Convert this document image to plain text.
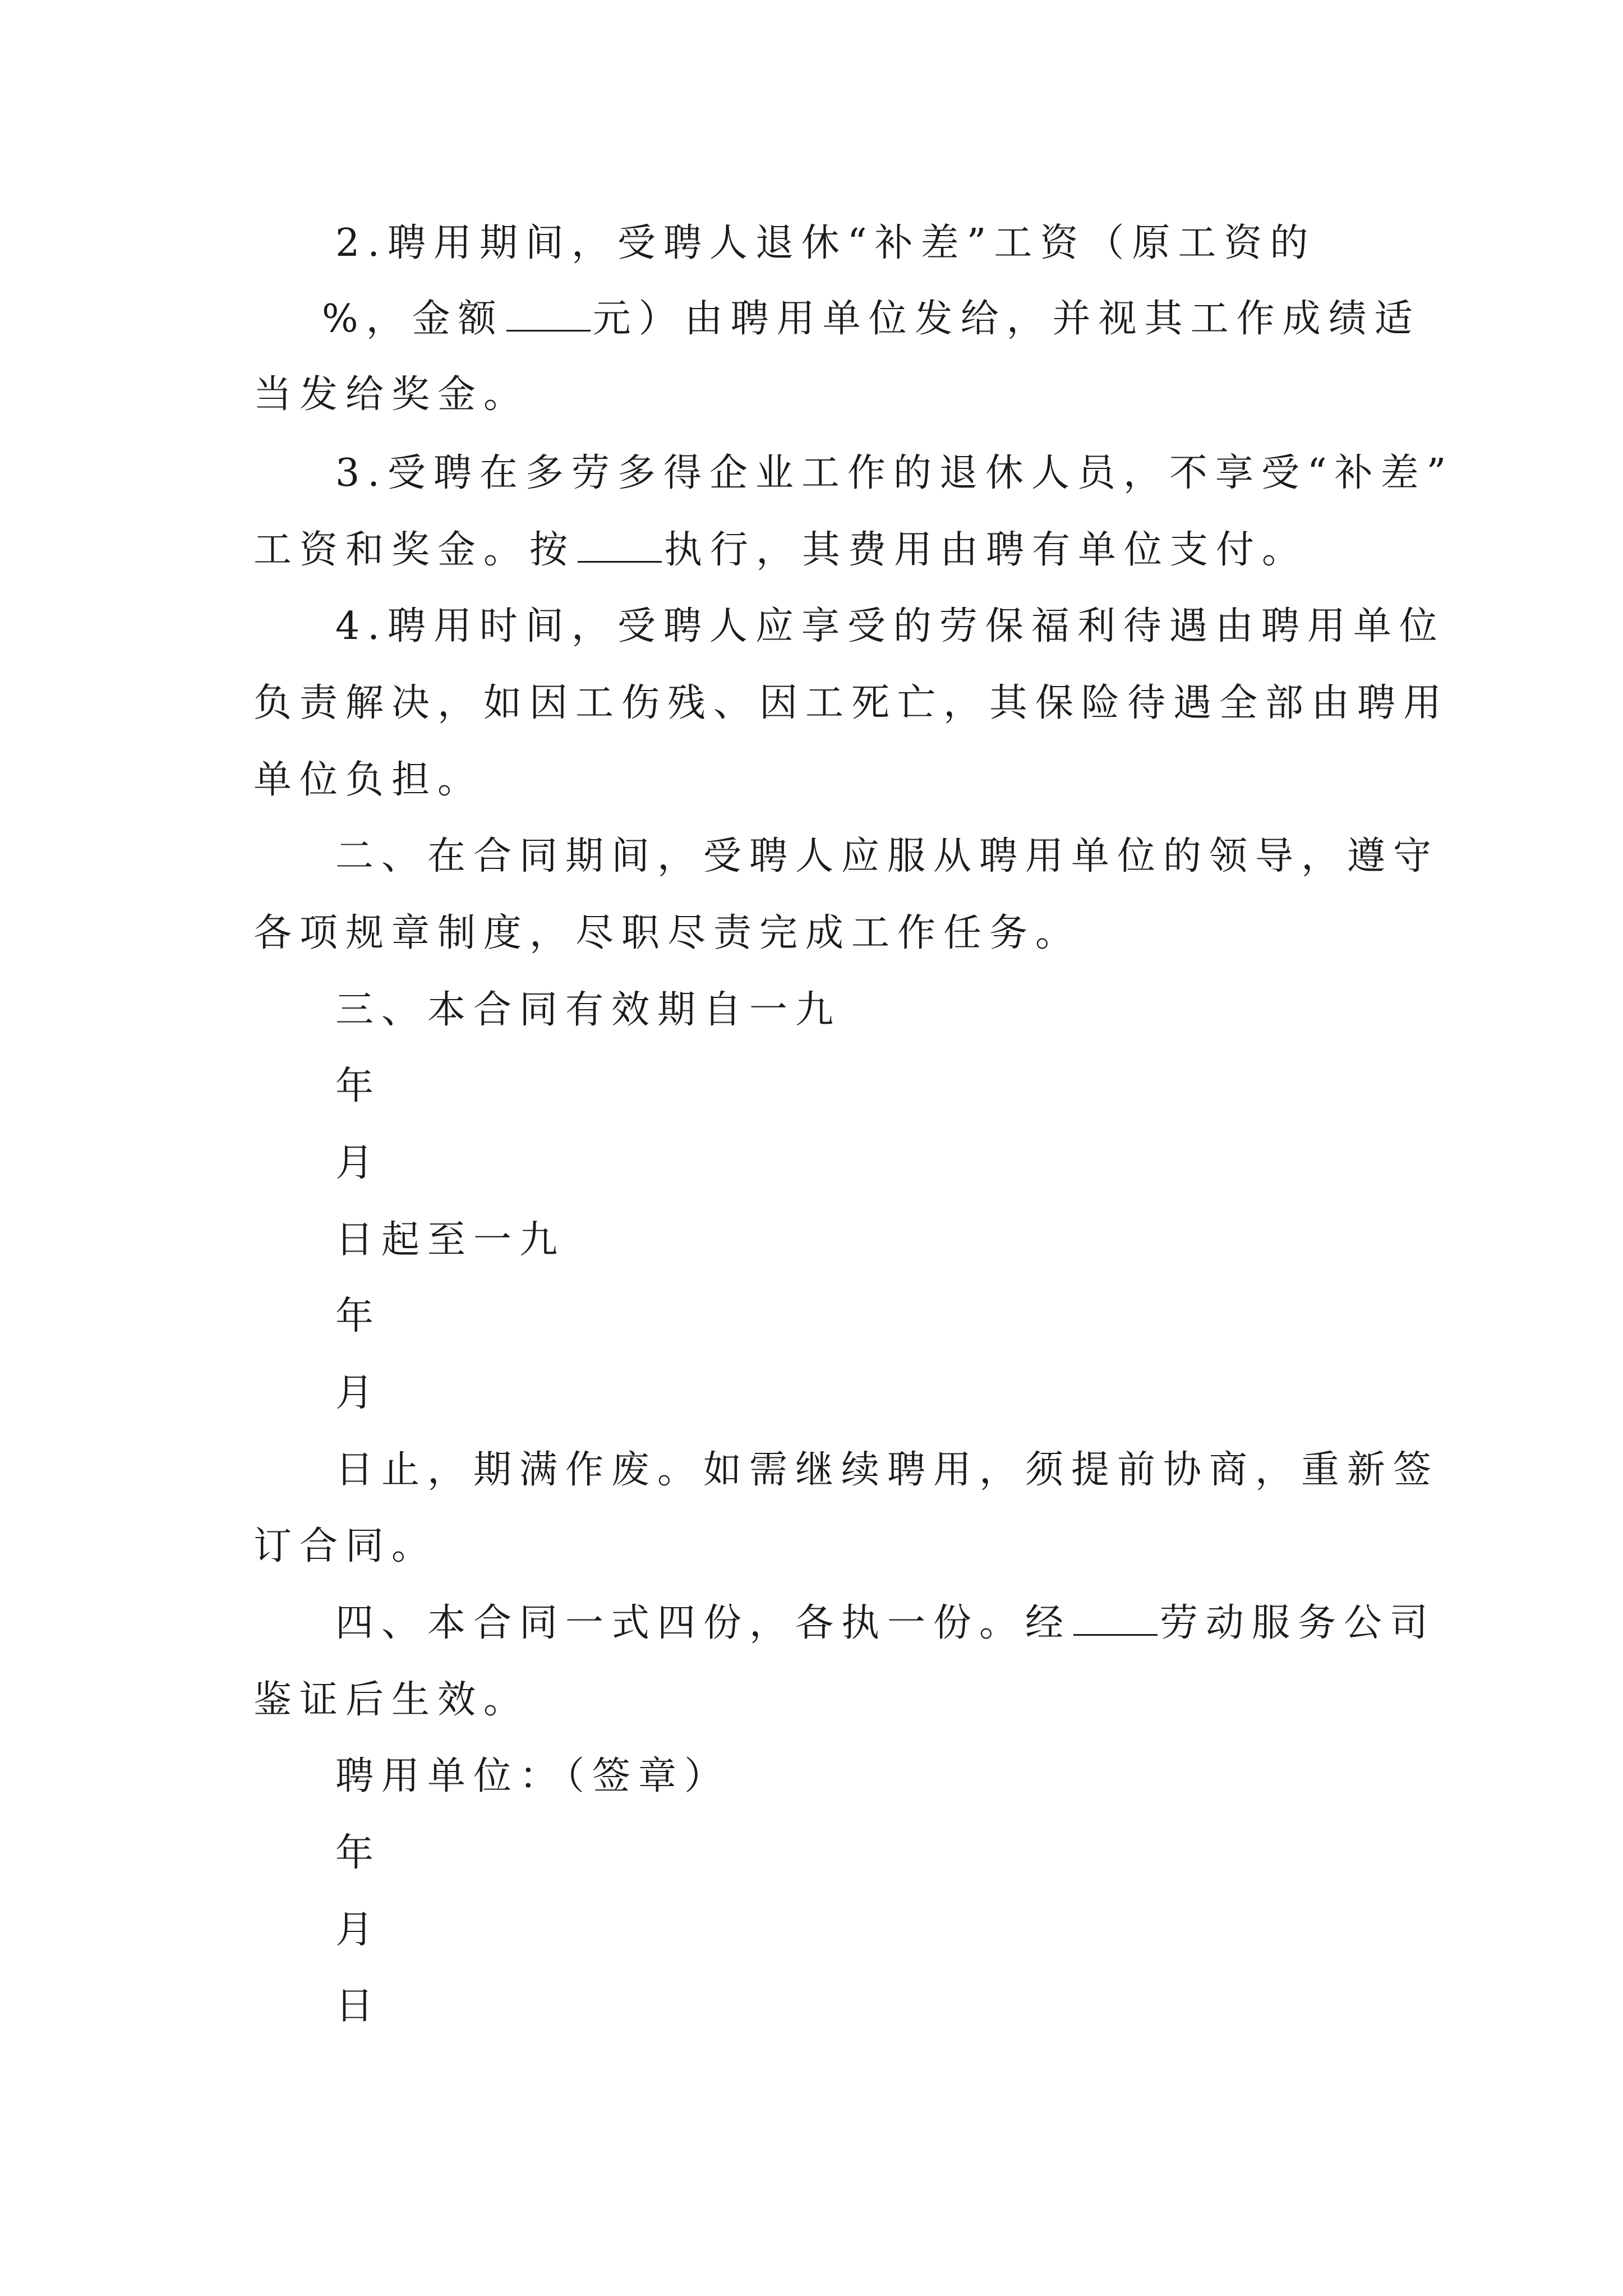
2.聘用期间，受聘人退休“补差”工资（原工资的
%，金额 元）由聘用单位发给，并视其工作成绩适
当发给奖金。
3.受聘在多劳多得企业工作的退休人员，不享受“补差”
工资和奖金。按 执行，其费用由聘有单位支付。
4.聘用时间，受聘人应享受的劳保福利待遇由聘用单位
负责解决，如因工伤残、因工死亡，其保险待遇全部由聘用
单位负担。
二、在合同期间，受聘人应服从聘用单位的领导，遵守
各项规章制度，尽职尽责完成工作任务。
三、本合同有效期自一九
年
月
日起至一九
年
月
日止，期满作废。如需继续聘用，须提前协商，重新签
订合同。
四、本合同一式四份，各执一份。经 劳动服务公司
鉴证后生效。
聘用单位：（签章）
年
月
日
